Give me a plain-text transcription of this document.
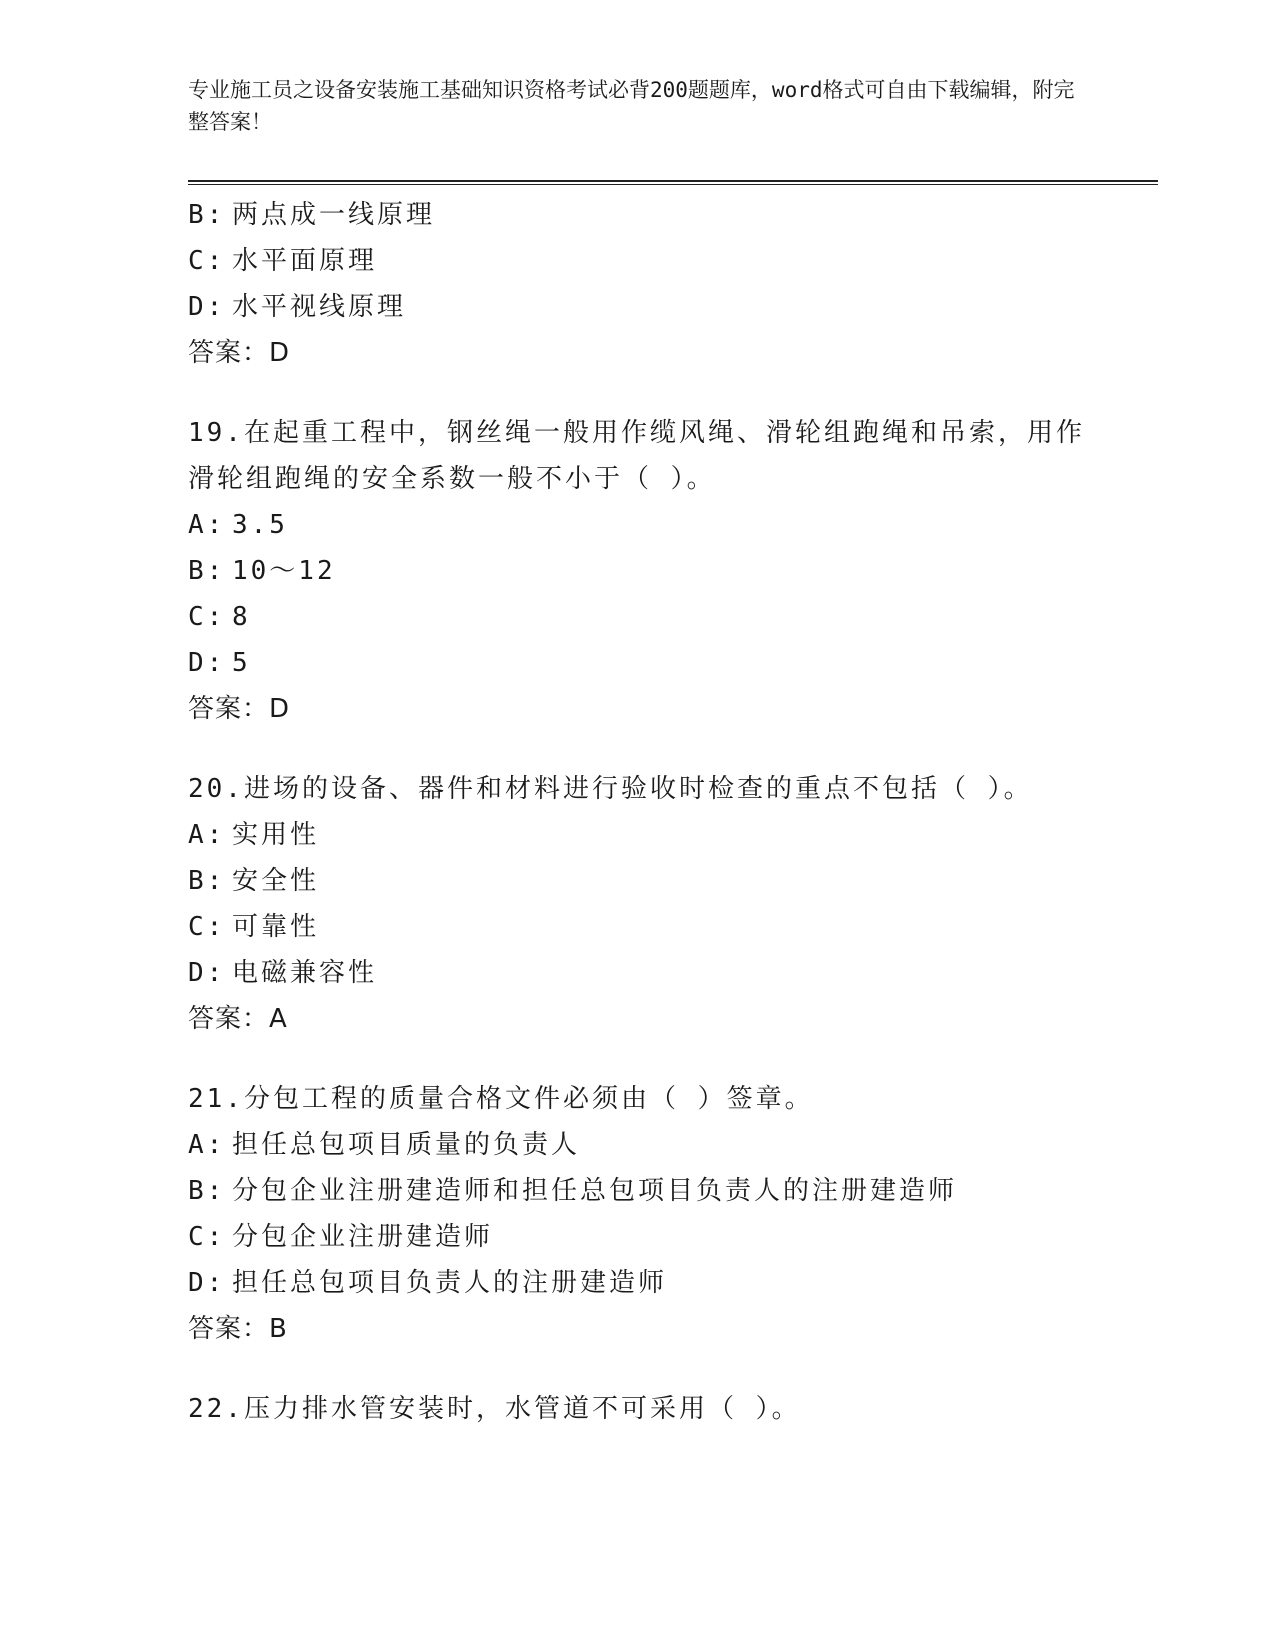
专业施工员之设备安装施工基础知识资格考试必背200题题库，word格式可自由下载编辑，附完整答案！
B: 两点成一线原理
C: 水平面原理
D: 水平视线原理
答案：D
19.在起重工程中，钢丝绳一般用作缆风绳、滑轮组跑绳和吊索，用作滑轮组跑绳的安全系数一般不小于（ ）。
A: 3.5
B: 10～12
C: 8
D: 5
答案：D
20.进场的设备、器件和材料进行验收时检查的重点不包括（ ）。
A: 实用性
B: 安全性
C: 可靠性
D: 电磁兼容性
答案：A
21.分包工程的质量合格文件必须由（ ）签章。
A: 担任总包项目质量的负责人
B: 分包企业注册建造师和担任总包项目负责人的注册建造师
C: 分包企业注册建造师
D: 担任总包项目负责人的注册建造师
答案：B
22.压力排水管安装时，水管道不可采用（ ）。
